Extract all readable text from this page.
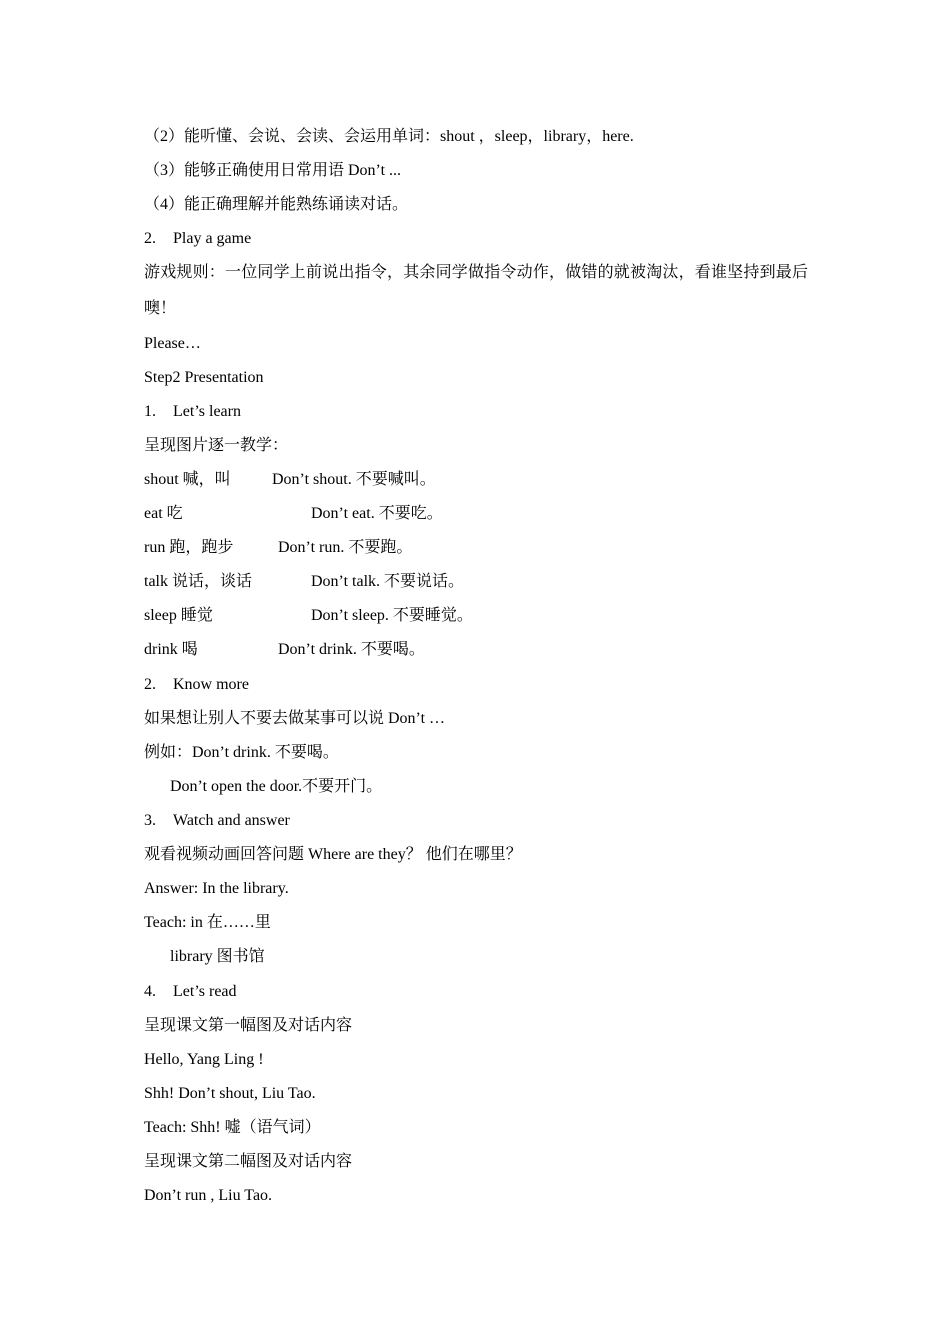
（2）能听懂、会说、会读、会运用单词：shout ，sleep，library，here.
（3）能够正确使用日常用语 Don’t ...
（4）能正确理解并能熟练诵读对话。
2. Play a game
游戏规则：一位同学上前说出指令，其余同学做指令动作，做错的就被淘汰，看谁坚持到最后噢！
Please…
Step2 Presentation
1. Let’s learn
呈现图片逐一教学：
shout 喊，叫	Don’t shout. 不要喊叫。
eat 吃	Don’t eat. 不要吃。
run 跑，跑步	Don’t run. 不要跑。
talk 说话，谈话	Don’t talk. 不要说话。
sleep 睡觉	Don’t sleep. 不要睡觉。
drink 喝	Don’t drink. 不要喝。
2. Know more
如果想让别人不要去做某事可以说 Don’t …
例如：Don’t drink. 不要喝。
Don’t open the door.不要开门。
3. Watch and answer
观看视频动画回答问题 Where are they？ 他们在哪里？
Answer: In the library.
Teach: in 在……里
library 图书馆
4. Let’s read
呈现课文第一幅图及对话内容
Hello, Yang Ling !
Shh! Don’t shout, Liu Tao.
Teach: Shh! 嘘（语气词）
呈现课文第二幅图及对话内容
Don’t run , Liu Tao.
